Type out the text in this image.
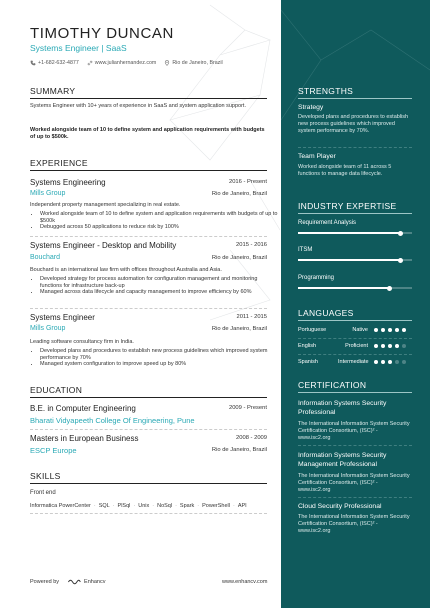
TIMOTHY DUNCAN
Systems Engineer | SaaS
+1-682-632-4877	www.julianhernandez.com	Rio de Janeiro, Brazil
SUMMARY
Systems Engineer with 10+ years of experience in SaaS and system application support.
Worked alongside team of 10 to define system and application requirements with budgets of up to $500k.
EXPERIENCE
Systems Engineering	2016 - Present
Mills Group	Rio de Janeiro, Brazil
Independent property management specializing in real estate.
• Worked alongside team of 10 to define system and application requirements with budgets of up to $500k
• Debugged across 50 applications to reduce risk by 100%
Systems Engineer - Desktop and Mobility	2015 - 2016
Bouchard	Rio de Janeiro, Brazil
Bouchard is an international law firm with offices throughout Australia and Asia.
• Developed strategy for process automation for configuration management and monitoring functions for infrastructure back-up
• Managed across data lifecycle and capacity management to improve efficiency by 60%
Systems Engineer	2011 - 2015
Mills Group	Rio de Janeiro, Brazil
Leading software consultancy firm in India.
• Developed plans and procedures to establish new process guidelines which improved system performance by 70%
• Managed system configuration to improve speed up by 80%
EDUCATION
B.E. in Computer Engineering	2009 - Present
Bharati Vidyapeeth College Of Engineering, Pune
Masters in European Business	2008 - 2009
ESCP Europe	Rio de Janeiro, Brazil
SKILLS
Front end
Informatica PowerCenter · SQL · PlSql · Unix · NoSql · Spark · PowerShell · API
Powered by	Enhancv	www.enhancv.com
STRENGTHS
Strategy
Developed plans and procedures to establish new process guidelines which improved system performance by 70%.
Team Player
Worked alongside team of 11 across 5 functions to manage data lifecycle.
INDUSTRY EXPERTISE
Requirement Analysis
ITSM
Programming
LANGUAGES
Portuguese	Native
English	Proficient
Spanish	Intermediate
CERTIFICATION
Information Systems Security Professional
The International Information System Security Certification Consortium, (ISC)² - www.isc2.org
Information Systems Security Management Professional
The International Information System Security Certification Consortium, (ISC)² - www.isc2.org
Cloud Security Professional
The International Information System Security Certification Consortium, (ISC)² - www.isc2.org
